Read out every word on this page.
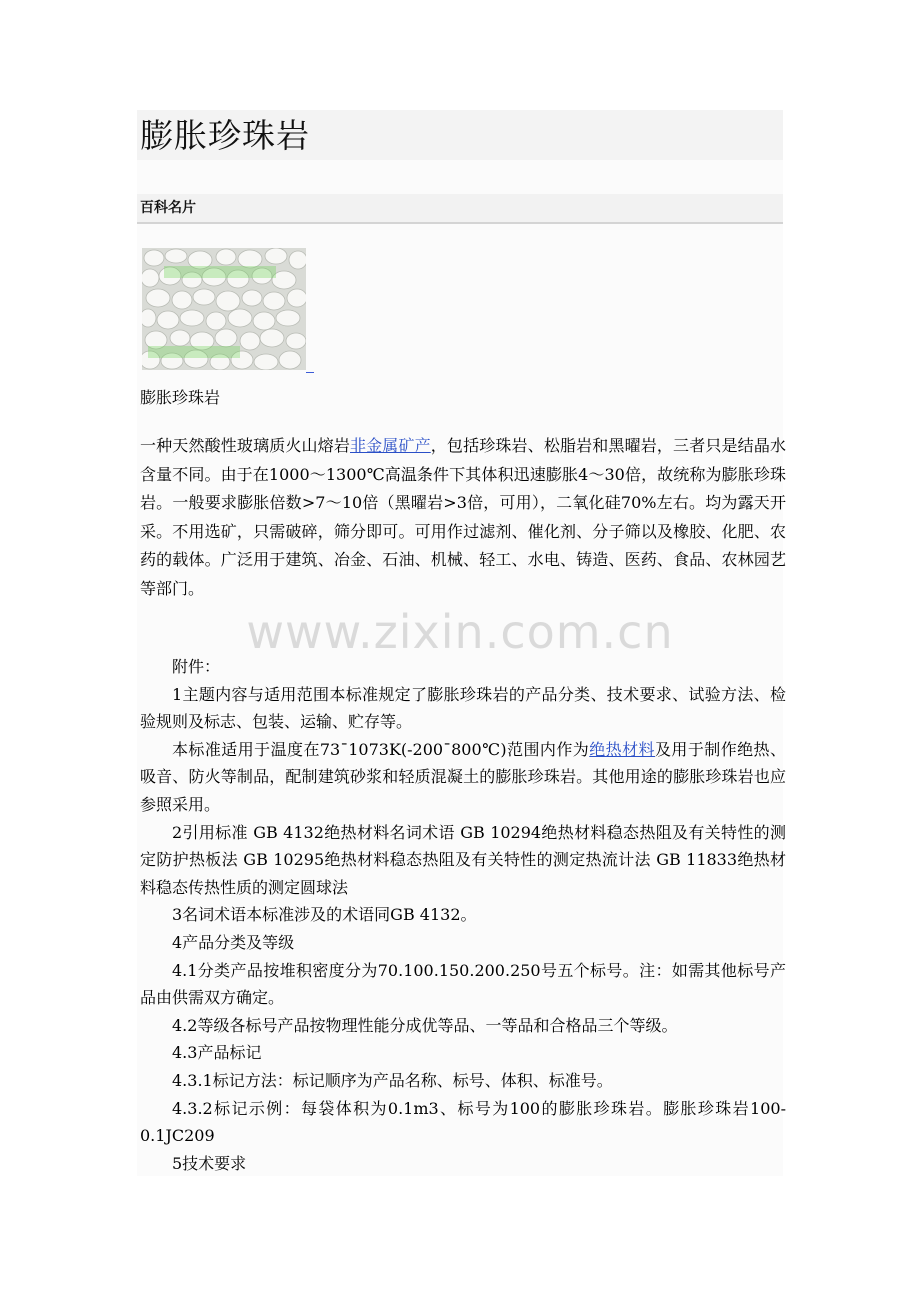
膨胀珍珠岩
百科名片
膨胀珍珠岩
一种天然酸性玻璃质火山熔岩非金属矿产，包括珍珠岩、松脂岩和黑曜岩，三者只是结晶水含量不同。由于在1000～1300℃高温条件下其体积迅速膨胀4～30倍，故统称为膨胀珍珠岩。一般要求膨胀倍数>7～10倍（黑曜岩>3倍，可用），二氧化硅70%左右。均为露天开采。不用选矿，只需破碎，筛分即可。可用作过滤剂、催化剂、分子筛以及橡胶、化肥、农药的载体。广泛用于建筑、冶金、石油、机械、轻工、水电、铸造、医药、食品、农林园艺等部门。
www.zixin.com.cn

附件：

1主题内容与适用范围本标准规定了膨胀珍珠岩的产品分类、技术要求、试验方法、检验规则及标志、包装、运输、贮存等。

本标准适用于温度在73¯1073K(-200¯800℃)范围内作为绝热材料及用于制作绝热、吸音、防火等制品，配制建筑砂浆和轻质混凝土的膨胀珍珠岩。其他用途的膨胀珍珠岩也应参照采用。

2引用标准 GB 4132绝热材料名词术语 GB 10294绝热材料稳态热阻及有关特性的测定防护热板法 GB 10295绝热材料稳态热阻及有关特性的测定热流计法 GB 11833绝热材料稳态传热性质的测定圆球法

3名词术语本标准涉及的术语同GB 4132。

4产品分类及等级

4.1分类产品按堆积密度分为70.100.150.200.250号五个标号。注：如需其他标号产品由供需双方确定。

4.2等级各标号产品按物理性能分成优等品、一等品和合格品三个等级。

4.3产品标记

4.3.1标记方法：标记顺序为产品名称、标号、体积、标准号。

4.3.2标记示例：每袋体积为0.1m3、标号为100的膨胀珍珠岩。膨胀珍珠岩100-0.1JC209

5技术要求
